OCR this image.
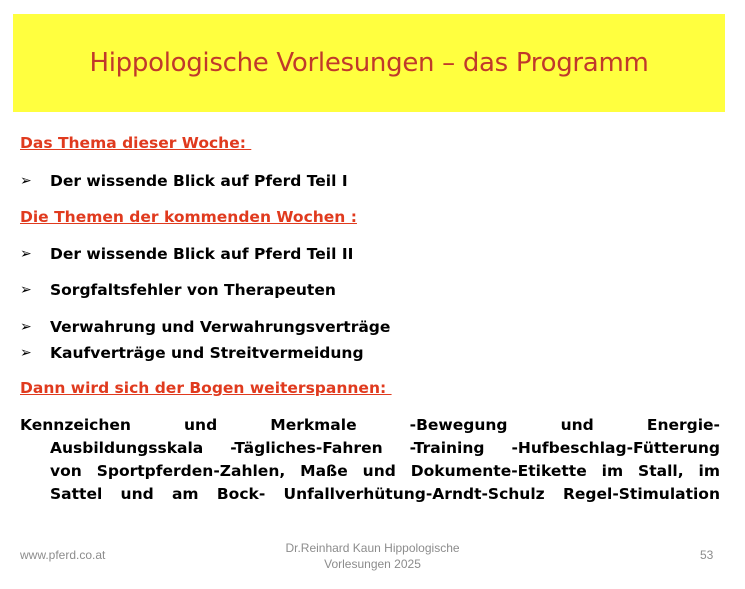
Hippologische Vorlesungen – das Programm
Das Thema dieser Woche:
➢	Der wissende Blick auf Pferd Teil I
Die Themen der kommenden Wochen :
➢	Der wissende Blick auf Pferd Teil II
➢	Sorgfaltsfehler von Therapeuten
➢	Verwahrung und Verwahrungsverträge
➢	Kaufverträge und Streitvermeidung
Dann wird sich der Bogen weiterspannen:
Kennzeichen und Merkmale -Bewegung und Energie-
Ausbildungsskala -Tägliches-Fahren -Training -Hufbeschlag-Fütterung
von Sportpferden-Zahlen, Maße und Dokumente-Etikette im Stall, im
Sattel und am Bock- Unfallverhütung-Arndt-Schulz Regel-Stimulation
www.pferd.co.at	Dr.Reinhard Kaun Hippologische
Vorlesungen 2025
53
